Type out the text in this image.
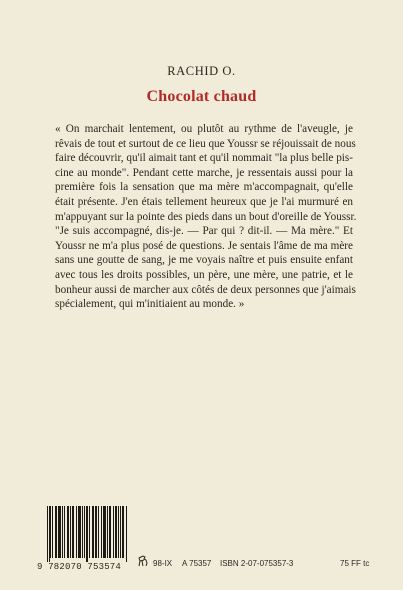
RACHID O.
Chocolat chaud

« On marchait lentement, ou plutôt au rythme de l'aveugle, je
rêvais de tout et surtout de ce lieu que Youssr se réjouissait de nous
faire découvrir, qu'il aimait tant et qu'il nommait "la plus belle pis-
cine au monde". Pendant cette marche, je ressentais aussi pour la
première fois la sensation que ma mère m'accompagnait, qu'elle
était présente. J'en étais tellement heureux que je l'ai murmuré en
m'appuyant sur la pointe des pieds dans un bout d'oreille de Youssr.
"Je suis accompagné, dis-je. — Par qui ? dit-il. — Ma mère." Et
Youssr ne m'a plus posé de questions. Je sentais l'âme de ma mère
sans une goutte de sang, je me voyais naître et puis ensuite enfant
avec tous les droits possibles, un père, une mère, une patrie, et le
bonheur aussi de marcher aux côtés de deux personnes que j'aimais
spécialement, qui m'initiaient au monde. »

9 782070 753574	98-IX A 75357 ISBN 2-07-075357-3	75 FF tc
